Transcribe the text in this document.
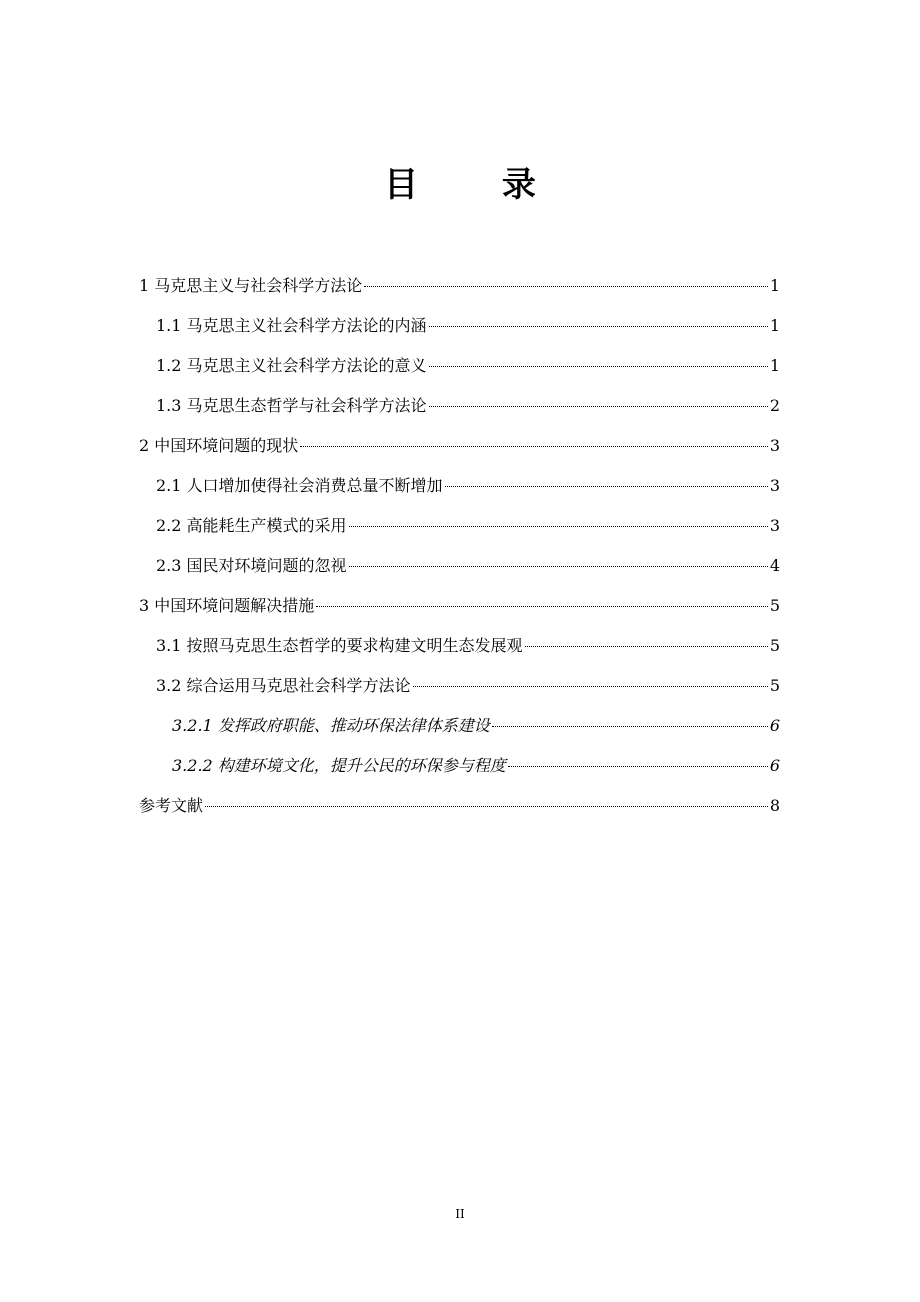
目 录
1 马克思主义与社会科学方法论	1
1.1 马克思主义社会科学方法论的内涵	1
1.2 马克思主义社会科学方法论的意义	1
1.3 马克思生态哲学与社会科学方法论	2
2 中国环境问题的现状	3
2.1 人口增加使得社会消费总量不断增加	3
2.2 高能耗生产模式的采用	3
2.3 国民对环境问题的忽视	4
3 中国环境问题解决措施	5
3.1 按照马克思生态哲学的要求构建文明生态发展观	5
3.2 综合运用马克思社会科学方法论	5
3.2.1 发挥政府职能、推动环保法律体系建设	6
3.2.2 构建环境文化，提升公民的环保参与程度	6
参考文献	8
II
